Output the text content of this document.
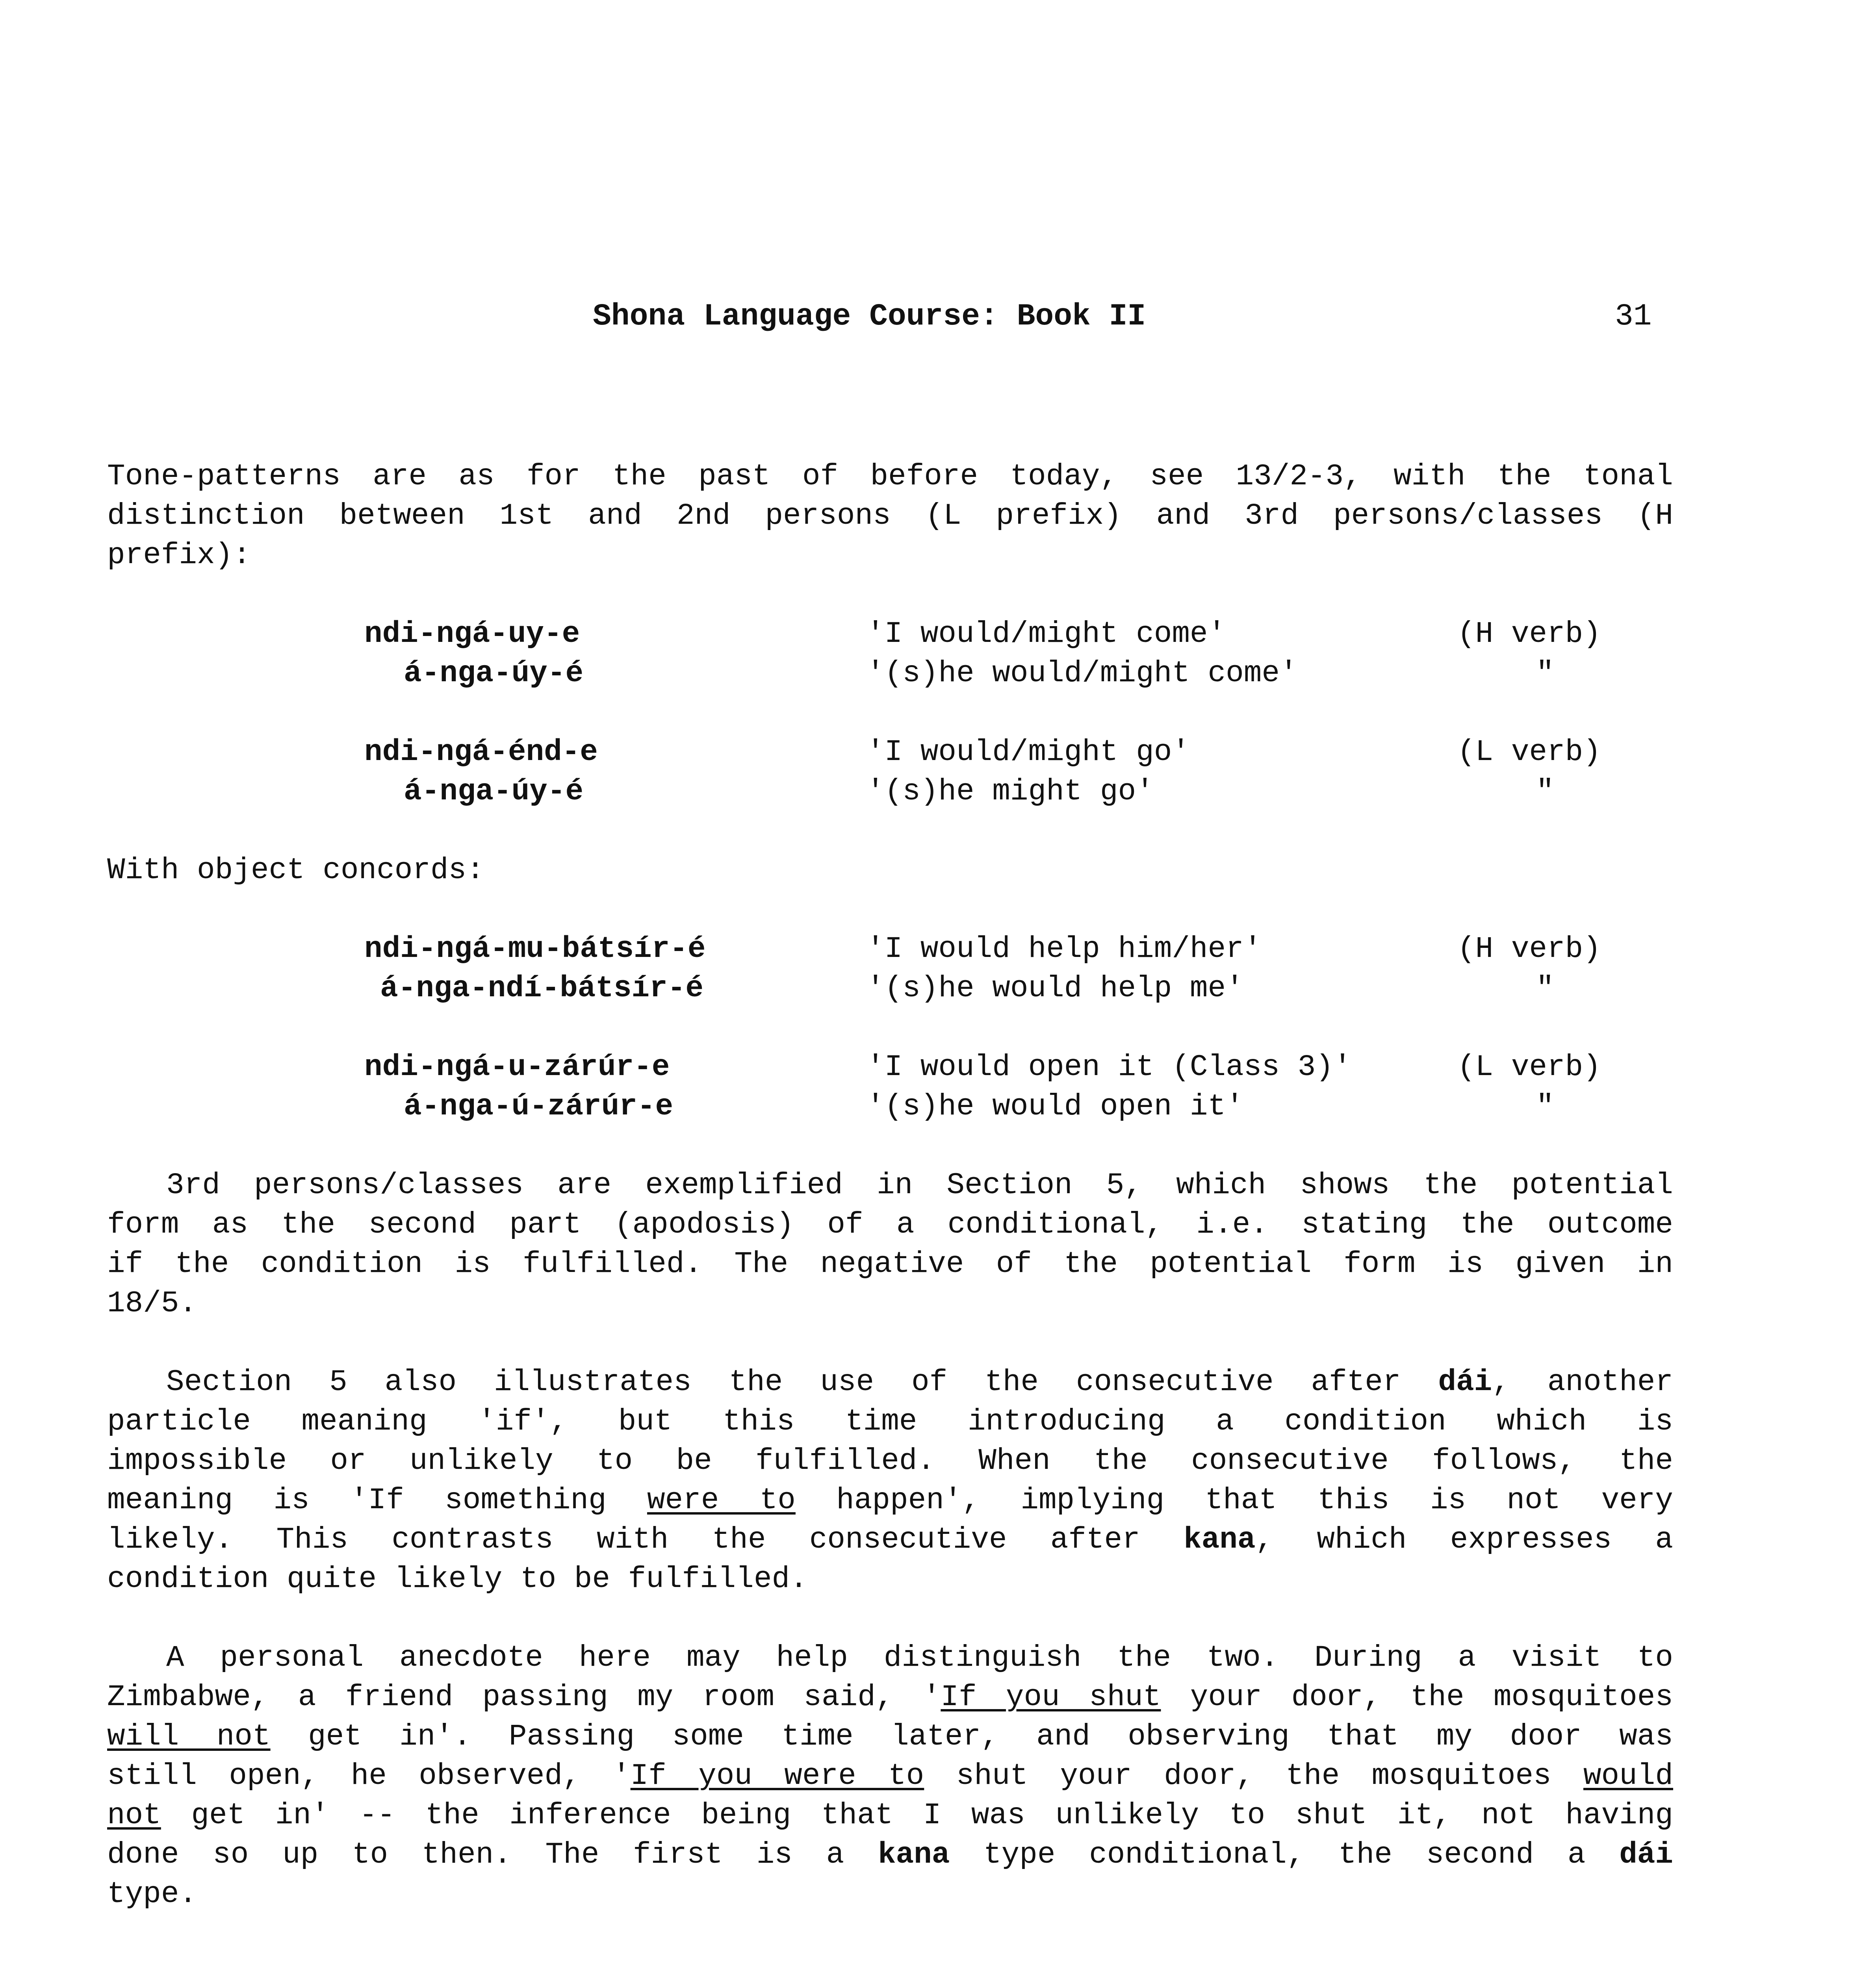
Shona Language Course: Book II	31
Tone-patterns are as for the past of before today, see 13/2-3, with the tonal
distinction between 1st and 2nd persons (L prefix) and 3rd persons/classes (H
prefix):
ndi-ngá-uy-e	'I would/might come'	(H verb)
á-nga-úy-é	'(s)he would/might come'	"
ndi-ngá-énd-e	'I would/might go'	(L verb)
á-nga-úy-é	'(s)he might go'	"
With object concords:
ndi-ngá-mu-bátsír-é	'I would help him/her'	(H verb)
á-nga-ndí-bátsír-é	'(s)he would help me'	"
ndi-ngá-u-zárúr-e	'I would open it (Class 3)'	(L verb)
á-nga-ú-zárúr-e	'(s)he would open it'	"
3rd persons/classes are exemplified in Section 5, which shows the potential
form as the second part (apodosis) of a conditional, i.e. stating the outcome
if the condition is fulfilled. The negative of the potential form is given in
18/5.
Section 5 also illustrates the use of the consecutive after dái, another
particle meaning 'if', but this time introducing a condition which is
impossible or unlikely to be fulfilled. When the consecutive follows, the
meaning is 'If something were to happen', implying that this is not very
likely. This contrasts with the consecutive after kana, which expresses a
condition quite likely to be fulfilled.
A personal anecdote here may help distinguish the two. During a visit to
Zimbabwe, a friend passing my room said, 'If you shut your door, the mosquitoes
will not get in'. Passing some time later, and observing that my door was
still open, he observed, 'If you were to shut your door, the mosquitoes would
not get in' -- the inference being that I was unlikely to shut it, not having
done so up to then. The first is a kana type conditional, the second a dái
type.
